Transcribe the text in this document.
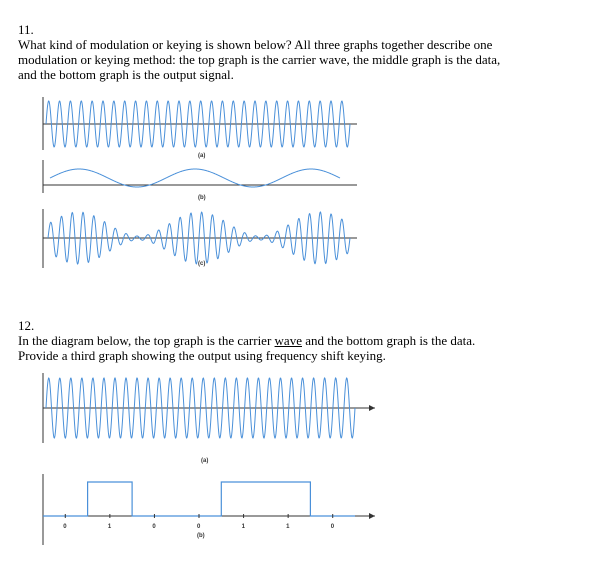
11.
What kind of modulation or keying is shown below? All three graphs together describe one
modulation or keying method: the top graph is the carrier wave, the middle graph is the data,
and the bottom graph is the output signal.
12.
In the diagram below, the top graph is the carrier wave and the bottom graph is the data.
Provide a third graph showing the output using frequency shift keying.
(a)
(b)
(c)
(a)
0	1	0	0	1	1	0
(b)
